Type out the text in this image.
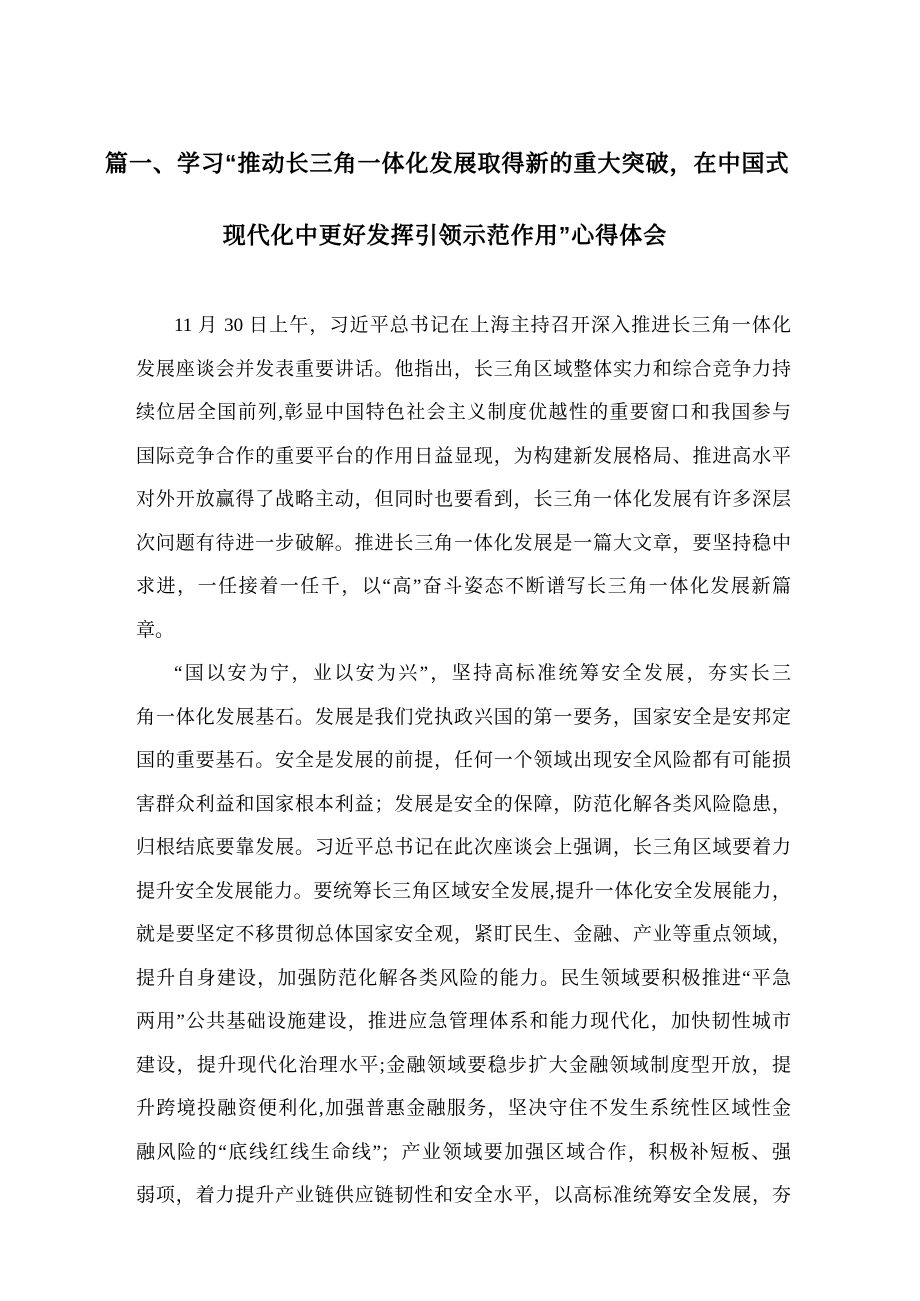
篇一、学习“推动长三角一体化发展取得新的重大突破，在中国式
现代化中更好发挥引领示范作用”心得体会
11 月 30 日上午，习近平总书记在上海主持召开深入推进长三角一体化
发展座谈会并发表重要讲话。他指出，长三角区域整体实力和综合竞争力持
续位居全国前列,彰显中国特色社会主义制度优越性的重要窗口和我国参与
国际竞争合作的重要平台的作用日益显现，为构建新发展格局、推进高水平
对外开放赢得了战略主动，但同时也要看到，长三角一体化发展有许多深层
次问题有待进一步破解。推进长三角一体化发展是一篇大文章，要坚持稳中
求进，一任接着一任千，以“高”奋斗姿态不断谱写长三角一体化发展新篇
章。
“国以安为宁，业以安为兴”，坚持高标准统筹安全发展，夯实长三
角一体化发展基石。发展是我们党执政兴国的第一要务，国家安全是安邦定
国的重要基石。安全是发展的前提，任何一个领域出现安全风险都有可能损
害群众利益和国家根本利益；发展是安全的保障，防范化解各类风险隐患，
归根结底要靠发展。习近平总书记在此次座谈会上强调，长三角区域要着力
提升安全发展能力。要统筹长三角区域安全发展,提升一体化安全发展能力，
就是要坚定不移贯彻总体国家安全观，紧盯民生、金融、产业等重点领域，
提升自身建设，加强防范化解各类风险的能力。民生领域要积极推进“平急
两用”公共基础设施建设，推进应急管理体系和能力现代化，加快韧性城市
建设，提升现代化治理水平;金融领域要稳步扩大金融领域制度型开放，提
升跨境投融资便利化,加强普惠金融服务，坚决守住不发生系统性区域性金
融风险的“底线红线生命线”；产业领域要加强区域合作，积极补短板、强
弱项，着力提升产业链供应链韧性和安全水平，以高标准统筹安全发展，夯
